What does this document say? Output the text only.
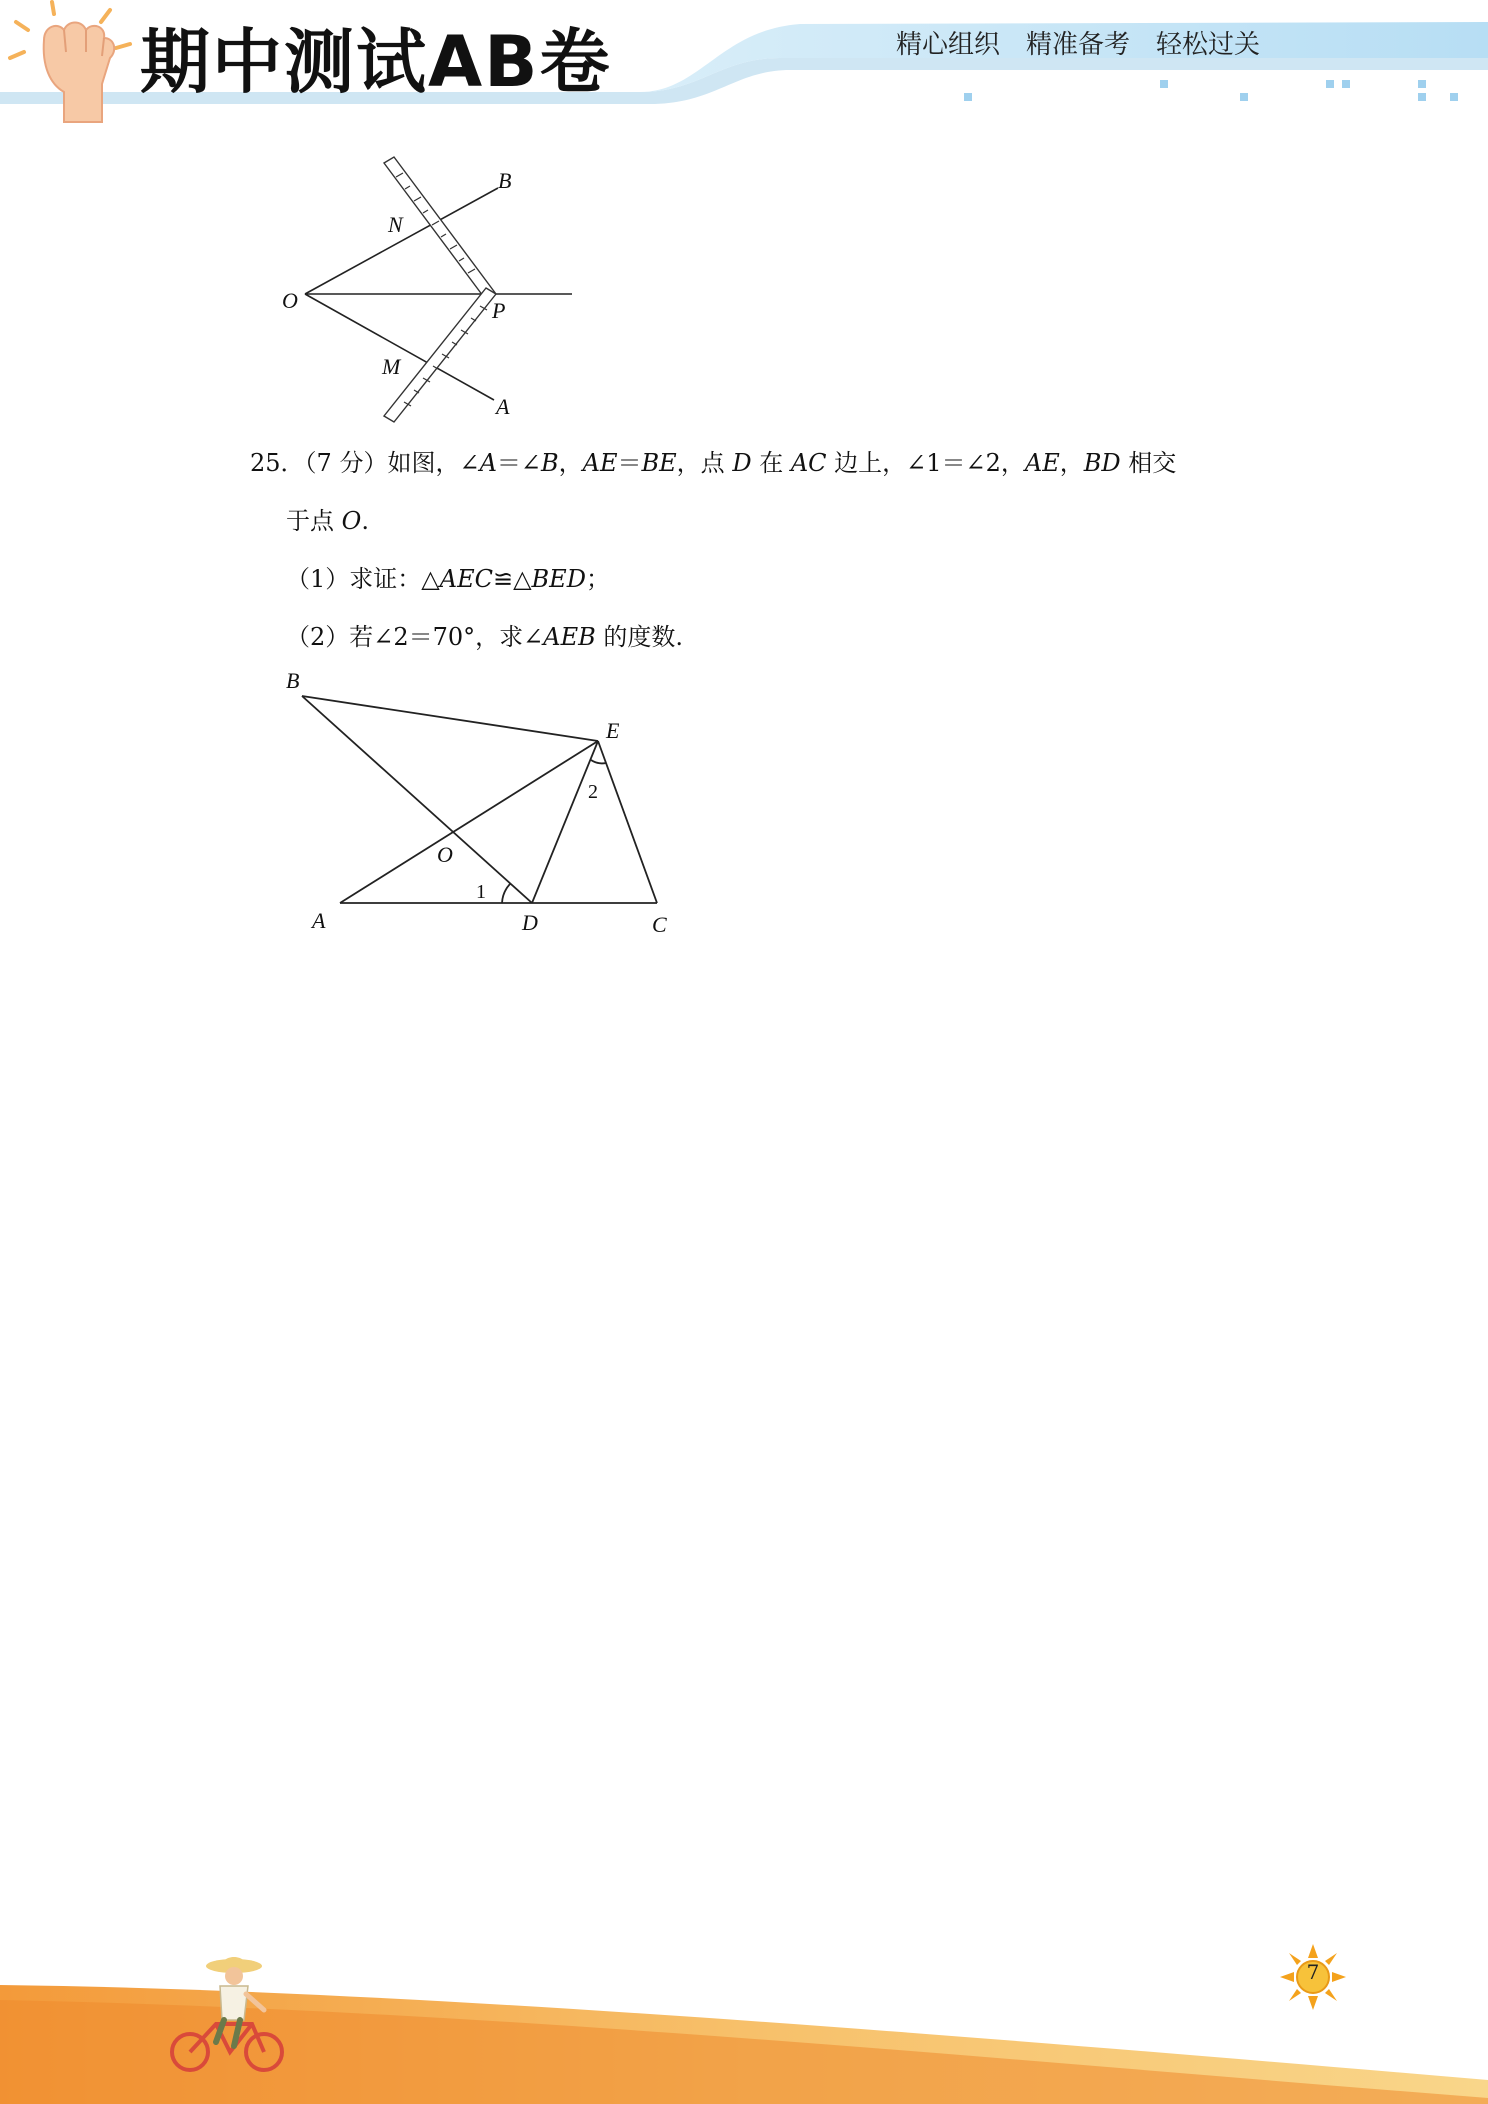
期中测试AB卷	精心组织 精准备考 轻松过关
B
N
O	P
M
A
25．（7 分）如图，∠A＝∠B，AE＝BE，点 D 在 AC 边上，∠1＝∠2，AE，BD 相交
于点 O.
（1）求证：△AEC≌△BED；
（2）若∠2＝70°，求∠AEB 的度数.
B
E
O
A	D	C
2
1
7
